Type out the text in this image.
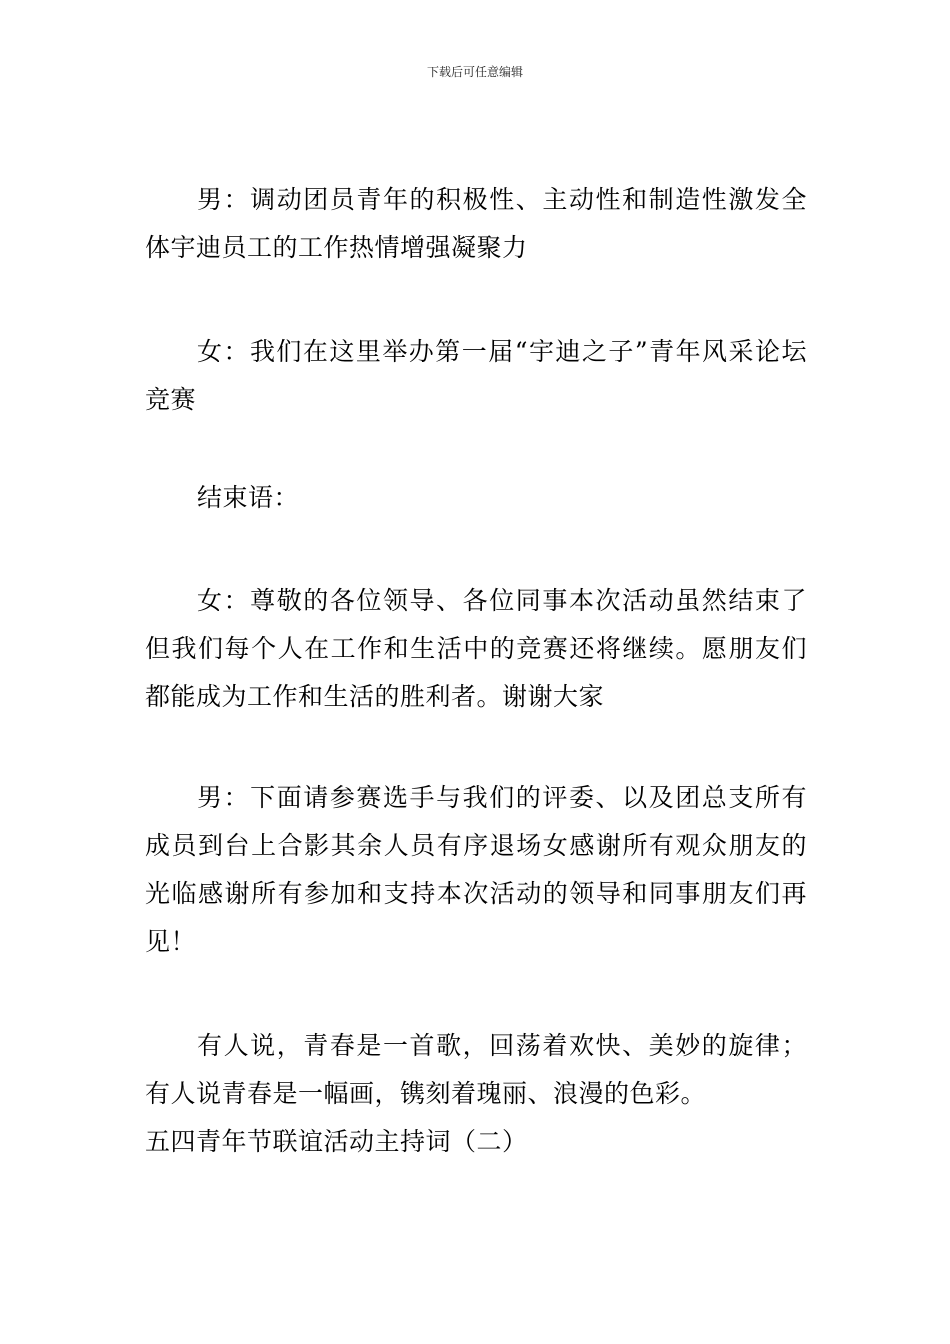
下载后可任意编辑

男：调动团员青年的积极性、主动性和制造性激发全体宇迪员工的工作热情增强凝聚力

女：我们在这里举办第一届“宇迪之子”青年风采论坛竞赛

结束语：

女：尊敬的各位领导、各位同事本次活动虽然结束了但我们每个人在工作和生活中的竞赛还将继续。愿朋友们都能成为工作和生活的胜利者。谢谢大家

男：下面请参赛选手与我们的评委、以及团总支所有成员到台上合影其余人员有序退场女感谢所有观众朋友的光临感谢所有参加和支持本次活动的领导和同事朋友们再见！

有人说，青春是一首歌，回荡着欢快、美妙的旋律；有人说青春是一幅画，镌刻着瑰丽、浪漫的色彩。

五四青年节联谊活动主持词（二）
